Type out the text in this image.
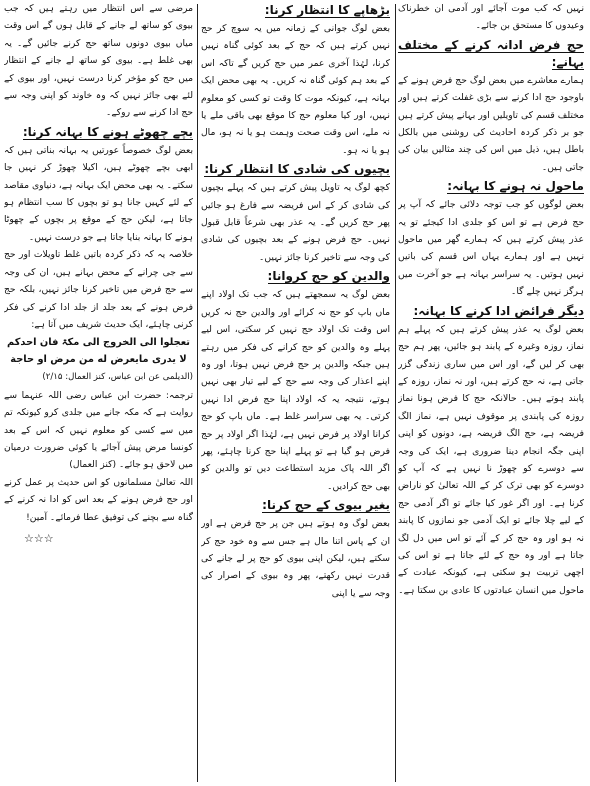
نہیں کہ کب موت آجائے اور آدمی ان خطرناک وعیدوں کا مستحق بن جائے۔

حج فرض ادانہ کرنے کے مختلف بہانے:

ہمارے معاشرے میں بعض لوگ حج فرض ہونے کے باوجود حج ادا کرنے سے بڑی غفلت کرتے ہیں اور مختلف قسم کی تاویلیں اور بہانے پیش کرتے ہیں جو بر ذکر کردہ احادیث کی روشنی میں بالکل باطل ہیں، ذیل میں اس کی چند مثالیں بیان کی جاتی ہیں۔

ماحول نہ ہونے کا بہانہ:

بعض لوگوں کو جب توجہ دلائی جائے کہ آپ پر حج فرض ہے تو اس کو جلدی ادا کیجئے تو یہ عذر پیش کرتے ہیں کہ ہمارے گھر میں ماحول نہیں ہے اور ہمارے یہاں اس قسم کی باتیں نہیں ہوتیں۔ یہ سراسر بہانہ ہے جو آخرت میں ہرگز نہیں چلے گا۔

دیگر فرائض ادا کرنے کا بہانہ:

بعض لوگ یہ عذر پیش کرتے ہیں کہ پہلے ہم نماز، روزہ وغیرہ کے پابند ہو جائیں، پھر ہم حج بھی کر لیں گے، اور اس میں ساری زندگی گزر جاتی ہے، نہ حج کرتے ہیں، اور نہ نماز، روزہ کے پابند ہوتے ہیں۔ حالانکہ حج کا فرض ہونا نماز روزہ کی پابندی پر موقوف نہیں ہے، نماز الگ فریضہ ہے، حج الگ فریضہ ہے، دونوں کو اپنی اپنی جگہ انجام دینا ضروری ہے، ایک کی وجہ سے دوسرے کو چھوڑ نا نہیں ہے کہ آپ کو دوسرے کو بھی ترک کر کے اللہ تعالیٰ کو ناراض کرنا ہے۔ اور اگر غور کیا جائے تو اگر آدمی حج کے لیے چلا جائے تو ایک آدمی جو نمازوں کا پابند نہ ہو اور وہ حج کر کے آئے تو اس میں دل لگ جاتا ہے اور وہ حج کے لئے جاتا ہے تو اس کی اچھی تربیت ہو سکتی ہے، کیونکہ عبادت کے ماحول میں انسان عبادتوں کا عادی بن سکتا ہے۔

بڑھاپے کا انتظار کرنا:

بعض لوگ جوانی کے زمانہ میں یہ سوچ کر حج نہیں کرتے ہیں کہ حج کے بعد کوئی گناہ نہیں کرنا، لہٰذا آخری عمر میں حج کریں گے تاکہ اس کے بعد ہم کوئی گناہ نہ کریں۔ یہ بھی محض ایک بہانہ ہے، کیونکہ موت کا وقت تو کسی کو معلوم نہیں، اور کیا معلوم حج کا موقع بھی باقی ملے یا نہ ملے، اس وقت صحت وہمت ہو یا نہ ہو، مال ہو یا نہ ہو۔

بچیوں کی شادی کا انتظار کرنا:

کچھ لوگ یہ تاویل پیش کرتے ہیں کہ پہلے بچیوں کی شادی کر کے اس فریضہ سے فارغ ہو جائیں پھر حج کریں گے۔ یہ عذر بھی شرعاً قابل قبول نہیں۔ حج فرض ہونے کے بعد بچیوں کی شادی کی وجہ سے تاخیر کرنا جائز نہیں۔

والدین کو حج کروانا:

بعض لوگ یہ سمجھتے ہیں کہ جب تک اولاد اپنے ماں باپ کو حج نہ کرائے اور والدین حج نہ کریں اس وقت تک اولاد حج نہیں کر سکتی، اس لیے پہلے وہ والدین کو حج کرانے کی فکر میں رہتے ہیں جبکہ والدین پر حج فرض نہیں ہوتا، اور وہ اپنے اعذار کی وجہ سے حج کے لیے تیار بھی نہیں ہوتے، نتیجہ یہ کہ اولاد اپنا حج فرض ادا نہیں کرتی۔ یہ بھی سراسر غلط ہے۔ ماں باپ کو حج کرانا اولاد پر فرض نہیں ہے، لہٰذا اگر اولاد پر حج فرض ہو گیا ہے تو پہلے اپنا حج کرنا چاہئے، پھر اگر اللہ پاک مزید استطاعت دیں تو والدین کو بھی حج کرادیں۔

بغیر بیوی کے حج کرنا:

بعض لوگ وہ ہوتے ہیں جن پر حج فرض ہے اور ان کے پاس اتنا مال ہے جس سے وہ خود حج کر سکتے ہیں، لیکن اپنی بیوی کو حج پر لے جانے کی قدرت نہیں رکھتے، پھر وہ بیوی کے اصرار کی وجہ سے یا اپنی

مرضی سے اس انتظار میں رہتے ہیں کہ جب بیوی کو ساتھ لے جانے کے قابل ہوں گے اس وقت میاں بیوی دونوں ساتھ حج کرنے جائیں گے۔ یہ بھی غلط ہے۔ بیوی کو ساتھ لے جانے کے انتظار میں حج کو مؤخر کرنا درست نہیں، اور بیوی کے لئے بھی جائز نہیں کہ وہ خاوند کو اپنی وجہ سے حج ادا کرنے سے روکے۔

بچے چھوٹے ہونے کا بہانہ کرنا:

بعض لوگ خصوصاً عورتیں یہ بہانہ بناتی ہیں کہ ابھی بچے چھوٹے ہیں، اکیلا چھوڑ کر نہیں جا سکتے۔ یہ بھی محض ایک بہانہ ہے، دنیاوی مقاصد کے لئے کہیں جانا ہو تو بچوں کا سب انتظام ہو جاتا ہے، لیکن حج کے موقع پر بچوں کے چھوٹا ہونے کا بہانہ بنایا جاتا ہے جو درست نہیں۔

خلاصہ یہ کہ ذکر کردہ باتیں غلط تاویلات اور حج سے جی چرانے کے محض بہانے ہیں، ان کی وجہ سے حج فرض میں تاخیر کرنا جائز نہیں، بلکہ حج فرض ہونے کے بعد جلد از جلد ادا کرنے کی فکر کرنی چاہئے، ایک حدیث شریف میں آتا ہے:

تعجلوا الی الخروج الی مکۃ فان احدکم لا یدری مایعرض له من مرض او حاجة

(الدیلمی عن ابن عباس، کنز العمال: ۲/۱۵)

ترجمہ: حضرت ابن عباس رضی اللہ عنہما سے روایت ہے کہ مکہ جانے میں جلدی کرو کیونکہ تم میں سے کسی کو معلوم نہیں کہ اس کے بعد کونسا مرض پیش آجائے یا کوئی ضرورت درمیان میں لاحق ہو جائے۔ (کنز العمال)

اللہ تعالیٰ مسلمانوں کو اس حدیث پر عمل کرنے اور حج فرض ہونے کے بعد اس کو ادا نہ کرنے کے گناہ سے بچنے کی توفیق عطا فرمائے۔ آمین!

☆☆☆
